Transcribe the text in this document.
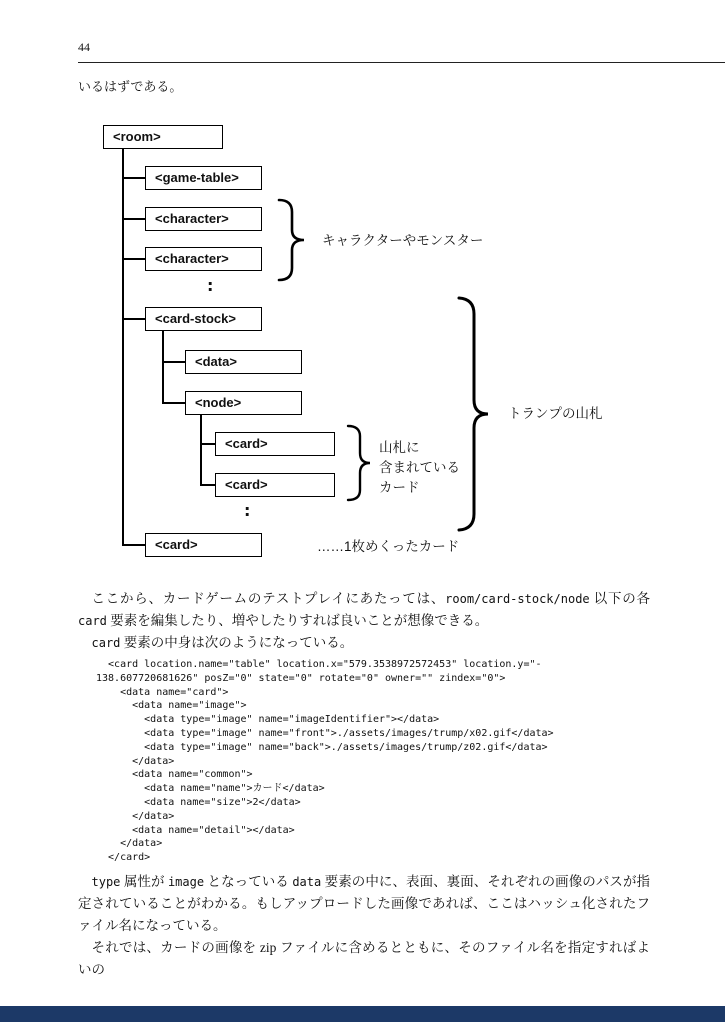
44

いるはずである。

<room>
<game-table>
<character>
<character>
:
<card-stock>
<data>
<node>
<card>
<card>
:
<card>
キャラクターやモンスター
トランプの山札
山札に
含まれている
カード
……1枚めくったカード

ここから、カードゲームのテストプレイにあたっては、room/card-stock/node 以下の各 card 要素を編集したり、増やしたりすれば良いことが想像できる。

card 要素の中身は次のようになっている。

<card location.name="table" location.x="579.3538972572453" location.y="-
138.607720681626" posZ="0" state="0" rotate="0" owner="" zindex="0">
<data name="card">
<data name="image">
<data type="image" name="imageIdentifier"></data>
<data type="image" name="front">./assets/images/trump/x02.gif</data>
<data type="image" name="back">./assets/images/trump/z02.gif</data>
</data>
<data name="common">
<data name="name">カード</data>
<data name="size">2</data>
</data>
<data name="detail"></data>
</data>
</card>

type 属性が image となっている data 要素の中に、表面、裏面、それぞれの画像のパスが指定されていることがわかる。もしアップロードした画像であれば、ここはハッシュ化されたファイル名になっている。

それでは、カードの画像を zip ファイルに含めるとともに、そのファイル名を指定すればよいの
